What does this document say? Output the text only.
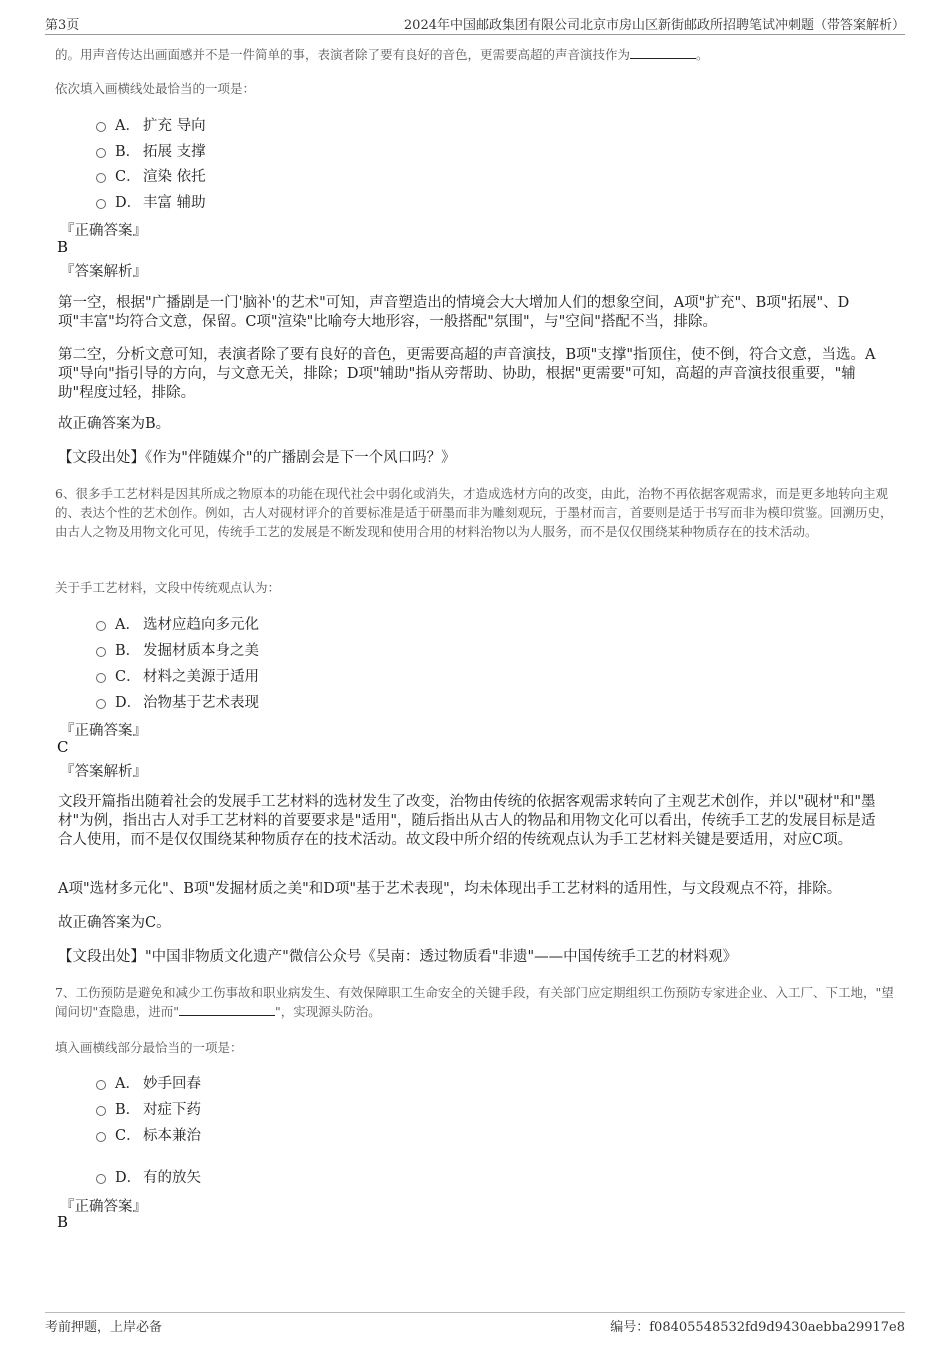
第3页	2024年中国邮政集团有限公司北京市房山区新街邮政所招聘笔试冲刺题（带答案解析）
的。用声音传达出画面感并不是一件简单的事，表演者除了要有良好的音色，更需要高超的声音演技作为	。
依次填入画横线处最恰当的一项是：
A． 扩充 导向
B． 拓展 支撑
C． 渲染 依托
D． 丰富 辅助
『正确答案』
B
『答案解析』
第一空，根据"广播剧是一门'脑补'的艺术"可知，声音塑造出的情境会大大增加人们的想象空间，A项"扩充"、B项"拓展"、D项"丰富"均符合文意，保留。C项"渲染"比喻夸大地形容，一般搭配"氛围"，与"空间"搭配不当，排除。
第二空，分析文意可知，表演者除了要有良好的音色，更需要高超的声音演技，B项"支撑"指顶住，使不倒，符合文意，当选。A项"导向"指引导的方向，与文意无关，排除；D项"辅助"指从旁帮助、协助，根据"更需要"可知，高超的声音演技很重要，"辅助"程度过轻，排除。
故正确答案为B。
【文段出处】《作为"伴随媒介"的广播剧会是下一个风口吗？》
6、很多手工艺材料是因其所成之物原本的功能在现代社会中弱化或消失，才造成选材方向的改变，由此，治物不再依据客观需求，而是更多地转向主观的、表达个性的艺术创作。例如，古人对砚材评介的首要标准是适于研墨而非为雕刻观玩，于墨材而言，首要则是适于书写而非为模印赏鉴。回溯历史，由古人之物及用物文化可见，传统手工艺的发展是不断发现和使用合用的材料治物以为人服务，而不是仅仅围绕某种物质存在的技术活动。
关于手工艺材料，文段中传统观点认为：
A． 选材应趋向多元化
B． 发掘材质本身之美
C． 材料之美源于适用
D． 治物基于艺术表现
『正确答案』
C
『答案解析』
文段开篇指出随着社会的发展手工艺材料的选材发生了改变，治物由传统的依据客观需求转向了主观艺术创作，并以"砚材"和"墨材"为例，指出古人对手工艺材料的首要要求是"适用"，随后指出从古人的物品和用物文化可以看出，传统手工艺的发展目标是适合人使用，而不是仅仅围绕某种物质存在的技术活动。故文段中所介绍的传统观点认为手工艺材料关键是要适用，对应C项。
A项"选材多元化"、B项"发掘材质之美"和D项"基于艺术表现"，均未体现出手工艺材料的适用性，与文段观点不符，排除。
故正确答案为C。
【文段出处】"中国非物质文化遗产"微信公众号《吴南：透过物质看"非遗"——中国传统手工艺的材料观》
7、工伤预防是避免和减少工伤事故和职业病发生、有效保障职工生命安全的关键手段，有关部门应定期组织工伤预防专家进企业、入工厂、下工地，"望闻问切"查隐患，进而"	"，实现源头防治。
填入画横线部分最恰当的一项是：
A． 妙手回春
B． 对症下药
C． 标本兼治
D． 有的放矢
『正确答案』
B
考前押题，上岸必备	编号：f08405548532fd9d9430aebba29917e8
